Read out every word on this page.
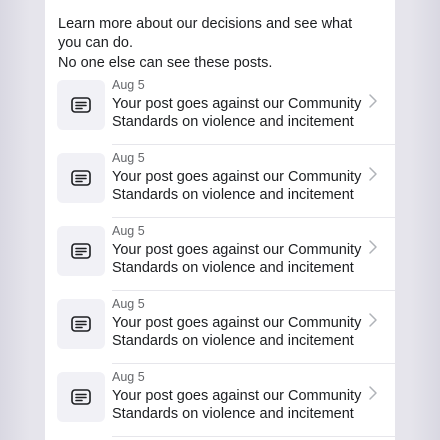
Learn more about our decisions and see what you can do.

No one else can see these posts.

Aug 5
Your post goes against our Community Standards on violence and incitement
Aug 5
Your post goes against our Community Standards on violence and incitement
Aug 5
Your post goes against our Community Standards on violence and incitement
Aug 5
Your post goes against our Community Standards on violence and incitement
Aug 5
Your post goes against our Community Standards on violence and incitement
